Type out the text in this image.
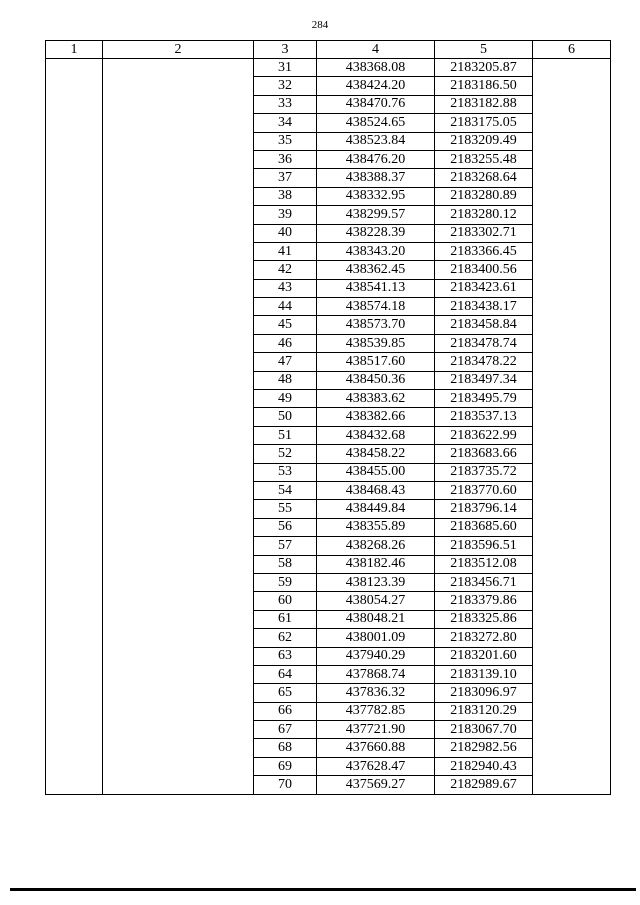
284
1	2	3	4	5	6
		31	438368.08	2183205.87	
		32	438424.20	2183186.50	
		33	438470.76	2183182.88	
		34	438524.65	2183175.05	
		35	438523.84	2183209.49	
		36	438476.20	2183255.48	
		37	438388.37	2183268.64	
		38	438332.95	2183280.89	
		39	438299.57	2183280.12	
		40	438228.39	2183302.71	
		41	438343.20	2183366.45	
		42	438362.45	2183400.56	
		43	438541.13	2183423.61	
		44	438574.18	2183438.17	
		45	438573.70	2183458.84	
		46	438539.85	2183478.74	
		47	438517.60	2183478.22	
		48	438450.36	2183497.34	
		49	438383.62	2183495.79	
		50	438382.66	2183537.13	
		51	438432.68	2183622.99	
		52	438458.22	2183683.66	
		53	438455.00	2183735.72	
		54	438468.43	2183770.60	
		55	438449.84	2183796.14	
		56	438355.89	2183685.60	
		57	438268.26	2183596.51	
		58	438182.46	2183512.08	
		59	438123.39	2183456.71	
		60	438054.27	2183379.86	
		61	438048.21	2183325.86	
		62	438001.09	2183272.80	
		63	437940.29	2183201.60	
		64	437868.74	2183139.10	
		65	437836.32	2183096.97	
		66	437782.85	2183120.29	
		67	437721.90	2183067.70	
		68	437660.88	2182982.56	
		69	437628.47	2182940.43	
		70	437569.27	2182989.67	
